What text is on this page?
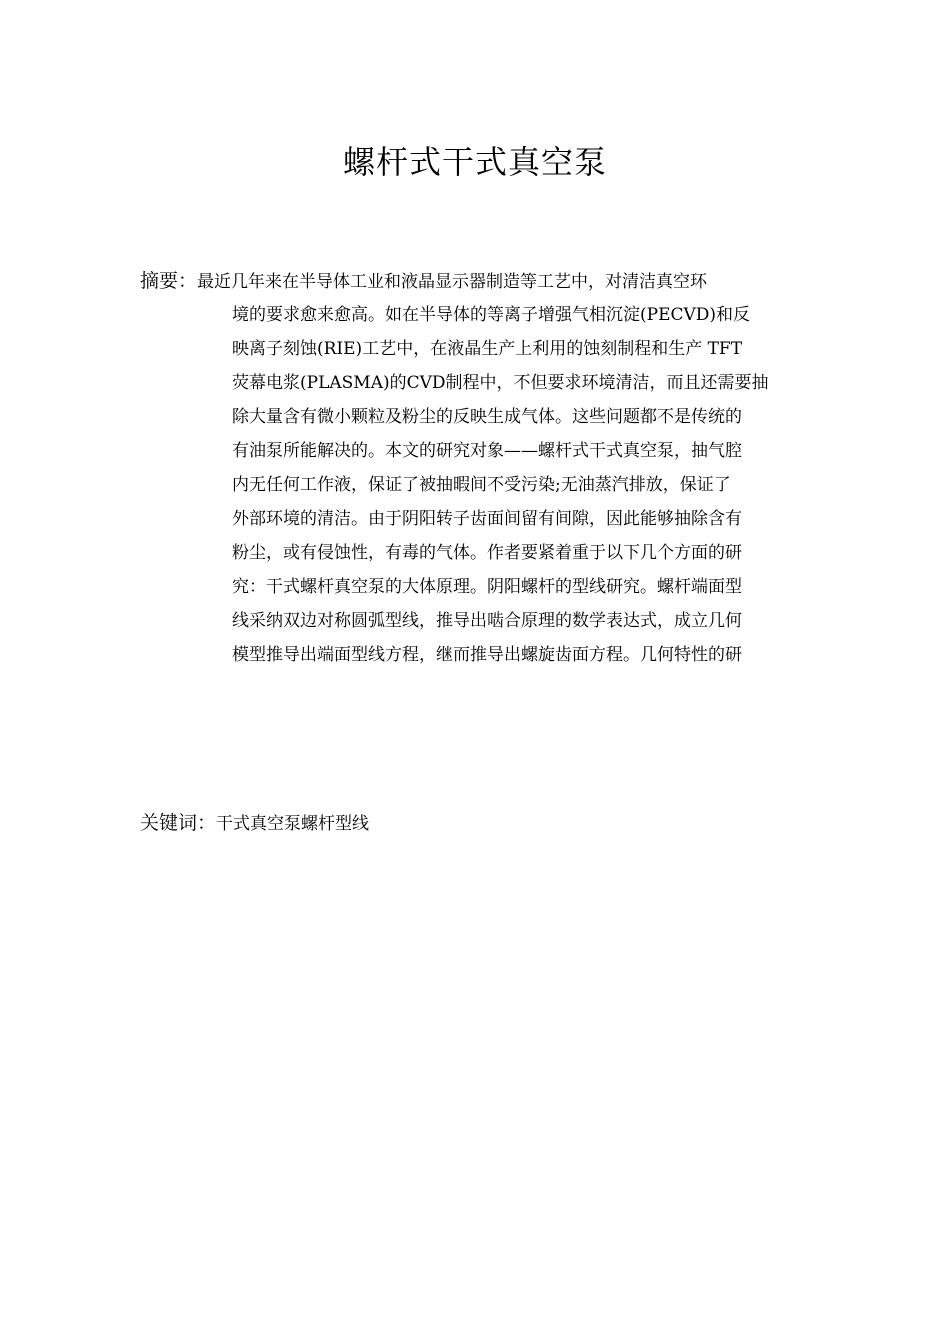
螺杆式干式真空泵
摘要：最近几年来在半导体工业和液晶显示器制造等工艺中，对清洁真空环
境的要求愈来愈高。如在半导体的等离子增强气相沉淀(PECVD)和反
映离子刻蚀(RIE)工艺中，在液晶生产上利用的蚀刻制程和生产 TFT
荧幕电浆(PLASMA)的CVD制程中，不但要求环境清洁，而且还需要抽
除大量含有微小颗粒及粉尘的反映生成气体。这些问题都不是传统的
有油泵所能解决的。本文的研究对象——螺杆式干式真空泵，抽气腔
内无任何工作液，保证了被抽暇间不受污染;无油蒸汽排放，保证了
外部环境的清洁。由于阴阳转子齿面间留有间隙，因此能够抽除含有
粉尘，或有侵蚀性，有毒的气体。作者要紧着重于以下几个方面的研
究：干式螺杆真空泵的大体原理。阴阳螺杆的型线研究。螺杆端面型
线采纳双边对称圆弧型线，推导出啮合原理的数学表达式，成立几何
模型推导出端面型线方程，继而推导出螺旋齿面方程。几何特性的研
关键词：干式真空泵螺杆型线
